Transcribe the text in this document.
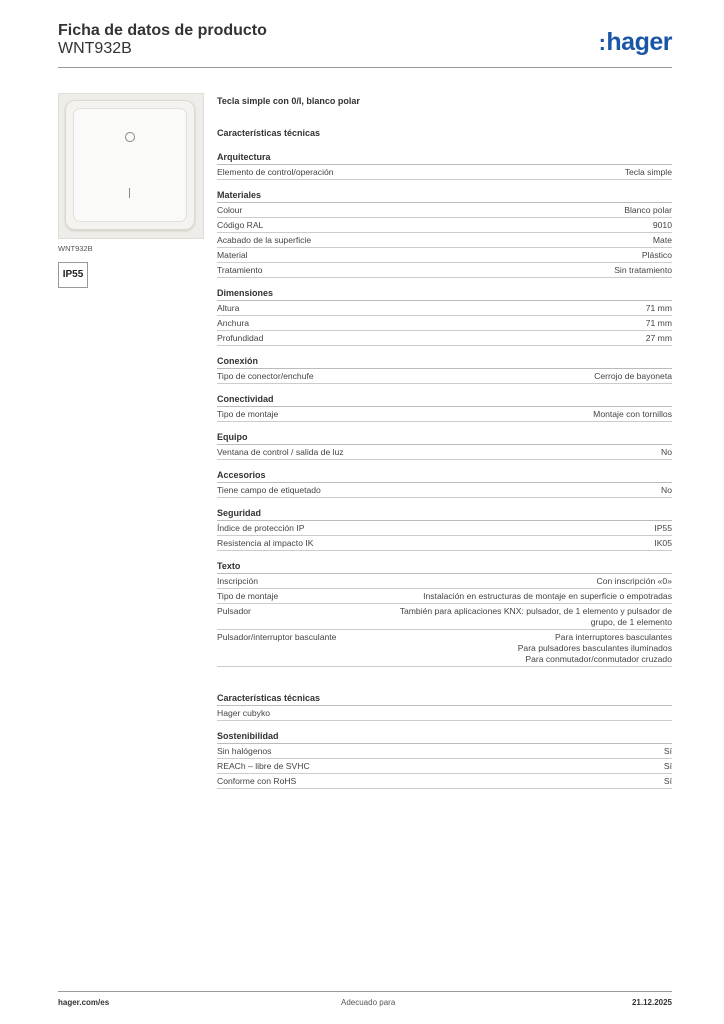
Ficha de datos de producto
WNT932B	:hager
WNT932B
IP55
Tecla simple con 0/I, blanco polar
Características técnicas
Arquitectura
Elemento de control/operación	Tecla simple
Materiales
Colour	Blanco polar
Código RAL	9010
Acabado de la superficie	Mate
Material	Plástico
Tratamiento	Sin tratamiento
Dimensiones
Altura	71 mm
Anchura	71 mm
Profundidad	27 mm
Conexión
Tipo de conector/enchufe	Cerrojo de bayoneta
Conectividad
Tipo de montaje	Montaje con tornillos
Equipo
Ventana de control / salida de luz	No
Accesorios
Tiene campo de etiquetado	No
Seguridad
Índice de protección IP	IP55
Resistencia al impacto IK	IK05
Texto
Inscripción	Con inscripción «0»
Tipo de montaje	Instalación en estructuras de montaje en superficie o empotradas
Pulsador	También para aplicaciones KNX: pulsador, de 1 elemento y pulsador de
grupo, de 1 elemento
Pulsador/interruptor basculante	Para interruptores basculantes
Para pulsadores basculantes iluminados
Para conmutador/conmutador cruzado
Características técnicas
Hager cubyko
Sostenibilidad
Sin halógenos	Sí
REACh – libre de SVHC	Sí
Conforme con RoHS	Sí
hager.com/es	Adecuado para	21.12.2025
